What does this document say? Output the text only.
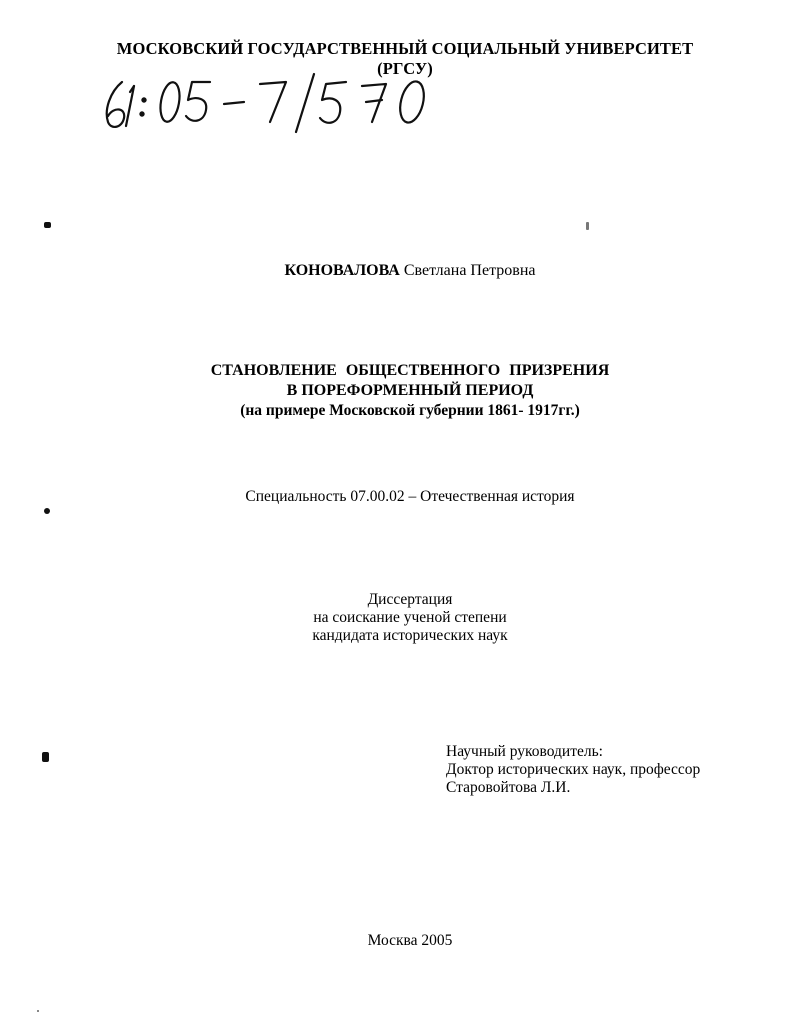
МОСКОВСКИЙ ГОСУДАРСТВЕННЫЙ СОЦИАЛЬНЫЙ УНИВЕРСИТЕТ (РГСУ)

КОНОВАЛОВА Светлана Петровна

СТАНОВЛЕНИЕ ОБЩЕСТВЕННОГО ПРИЗРЕНИЯ

В ПОРЕФОРМЕННЫЙ ПЕРИОД

(на примере Московской губернии 1861- 1917гг.)

Специальность 07.00.02 – Отечественная история

Диссертация

на соискание ученой степени

кандидата исторических наук

Научный руководитель:

Доктор исторических наук, профессор

Старовойтова Л.И.

Москва 2005
